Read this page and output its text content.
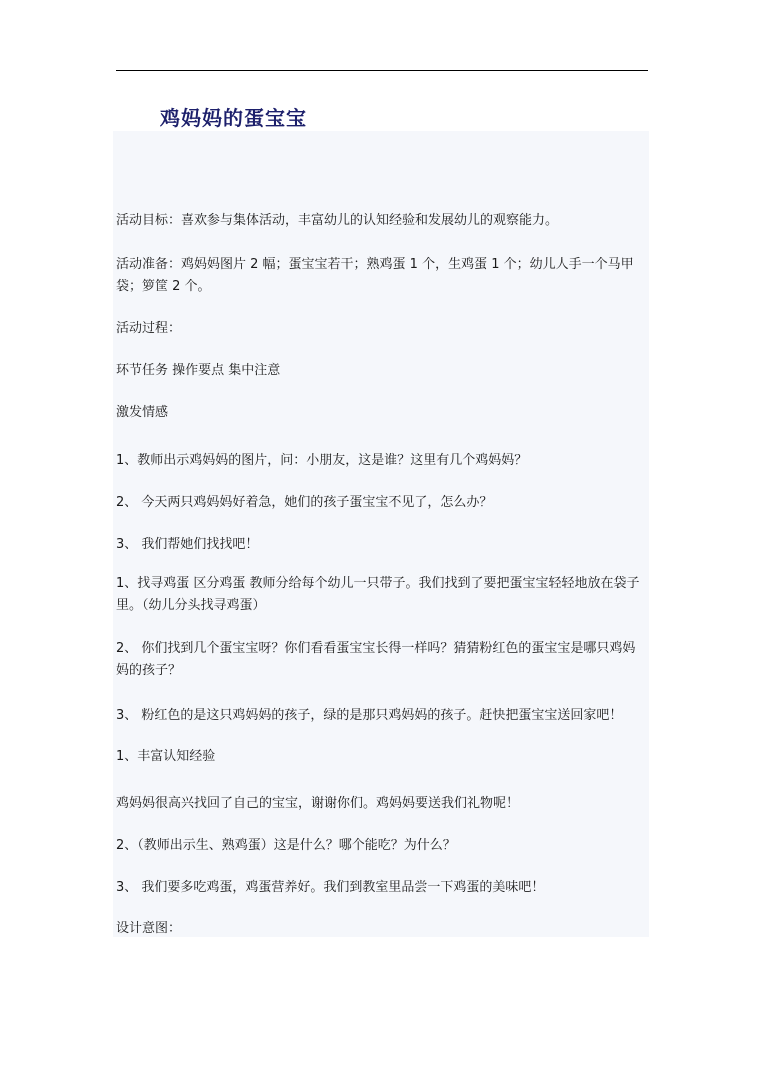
鸡妈妈的蛋宝宝
活动目标：喜欢参与集体活动，丰富幼儿的认知经验和发展幼儿的观察能力。
活动准备：鸡妈妈图片 2 幅；蛋宝宝若干；熟鸡蛋 1 个，生鸡蛋 1 个；幼儿人手一个马甲袋；箩筐 2 个。
活动过程：
环节任务 操作要点 集中注意
激发情感
1、教师出示鸡妈妈的图片，问：小朋友，这是谁？这里有几个鸡妈妈？
2、 今天两只鸡妈妈好着急，她们的孩子蛋宝宝不见了，怎么办？
3、 我们帮她们找找吧！
1、找寻鸡蛋 区分鸡蛋 教师分给每个幼儿一只带子。我们找到了要把蛋宝宝轻轻地放在袋子里。（幼儿分头找寻鸡蛋）
2、 你们找到几个蛋宝宝呀？你们看看蛋宝宝长得一样吗？猜猜粉红色的蛋宝宝是哪只鸡妈妈的孩子？
3、 粉红色的是这只鸡妈妈的孩子，绿的是那只鸡妈妈的孩子。赶快把蛋宝宝送回家吧！
1、丰富认知经验
鸡妈妈很高兴找回了自己的宝宝，谢谢你们。鸡妈妈要送我们礼物呢！
2、（教师出示生、熟鸡蛋）这是什么？哪个能吃？为什么？
3、 我们要多吃鸡蛋，鸡蛋营养好。我们到教室里品尝一下鸡蛋的美味吧！
设计意图：
